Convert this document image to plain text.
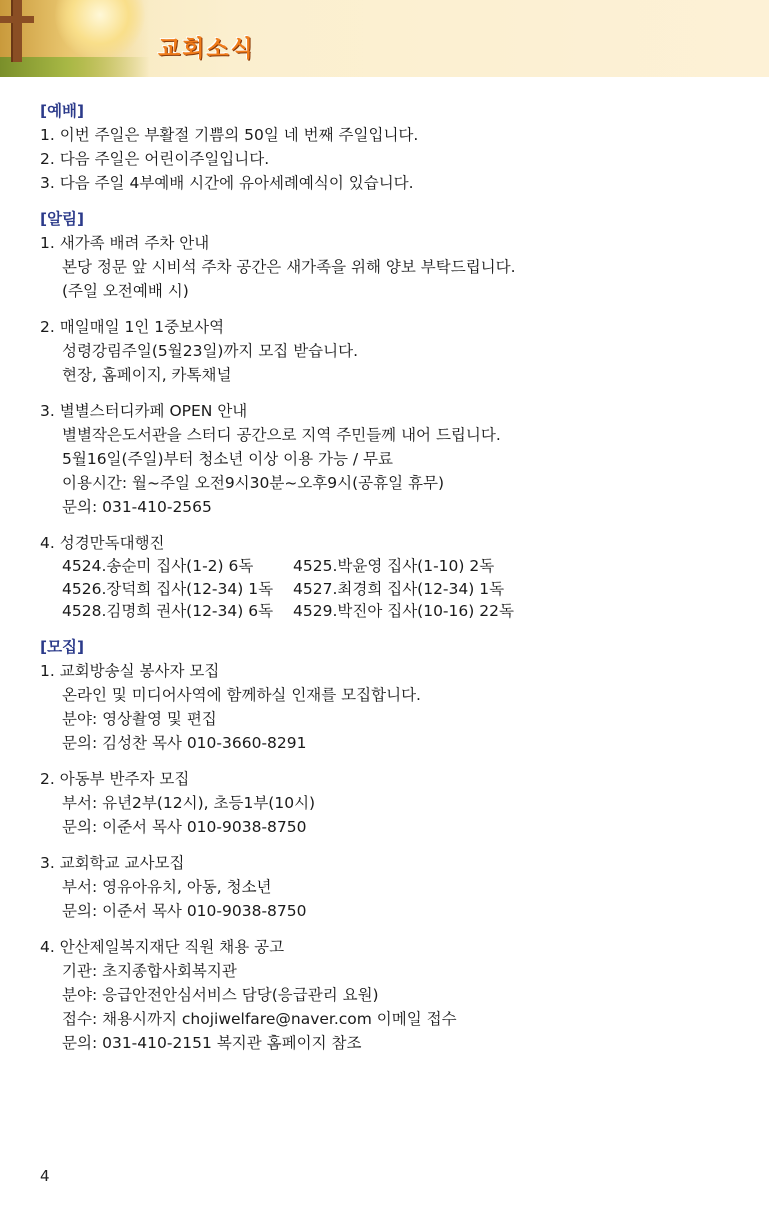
교회소식
[예배]
1. 이번 주일은 부활절 기쁨의 50일 네 번째 주일입니다.
2. 다음 주일은 어린이주일입니다.
3. 다음 주일 4부예배 시간에 유아세례예식이 있습니다.
[알림]
1. 새가족 배려 주차 안내
본당 정문 앞 시비석 주차 공간은 새가족을 위해 양보 부탁드립니다.
(주일 오전예배 시)
2. 매일매일 1인 1중보사역
성령강림주일(5월23일)까지 모집 받습니다.
현장, 홈페이지, 카톡채널
3. 별별스터디카페 OPEN 안내
별별작은도서관을 스터디 공간으로 지역 주민들께 내어 드립니다.
5월16일(주일)부터 청소년 이상 이용 가능 / 무료
이용시간: 월~주일 오전9시30분~오후9시(공휴일 휴무)
문의: 031-410-2565
4. 성경만독대행진
4524.송순미 집사(1-2) 6독	4525.박윤영 집사(1-10) 2독
4526.장덕희 집사(12-34) 1독	4527.최경희 집사(12-34) 1독
4528.김명희 권사(12-34) 6독	4529.박진아 집사(10-16) 22독
[모집]
1. 교회방송실 봉사자 모집
온라인 및 미디어사역에 함께하실 인재를 모집합니다.
분야: 영상촬영 및 편집
문의: 김성찬 목사 010-3660-8291
2. 아동부 반주자 모집
부서: 유년2부(12시), 초등1부(10시)
문의: 이준서 목사 010-9038-8750
3. 교회학교 교사모집
부서: 영유아유치, 아동, 청소년
문의: 이준서 목사 010-9038-8750
4. 안산제일복지재단 직원 채용 공고
기관: 초지종합사회복지관
분야: 응급안전안심서비스 담당(응급관리 요원)
접수: 채용시까지 chojiwelfare@naver.com 이메일 접수
문의: 031-410-2151 복지관 홈페이지 참조
4
